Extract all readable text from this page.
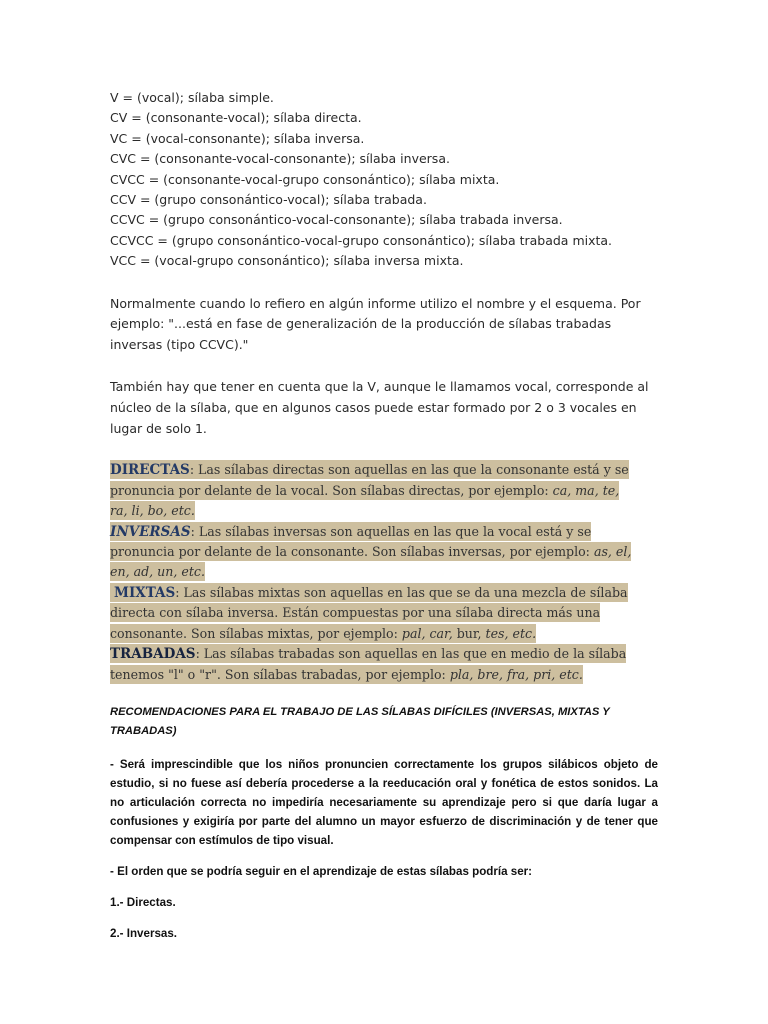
V = (vocal); sílaba simple.
CV = (consonante-vocal); sílaba directa.
VC = (vocal-consonante); sílaba inversa.
CVC = (consonante-vocal-consonante); sílaba inversa.
CVCC = (consonante-vocal-grupo consonántico); sílaba mixta.
CCV = (grupo consonántico-vocal); sílaba trabada.
CCVC = (grupo consonántico-vocal-consonante); sílaba trabada inversa.
CCVCC = (grupo consonántico-vocal-grupo consonántico); sílaba trabada mixta.
VCC = (vocal-grupo consonántico); sílaba inversa mixta.

Normalmente cuando lo refiero en algún informe utilizo el nombre y el esquema. Por ejemplo: "...está en fase de generalización de la producción de sílabas trabadas inversas (tipo CCVC)."

También hay que tener en cuenta que la V, aunque le llamamos vocal, corresponde al núcleo de la sílaba, que en algunos casos puede estar formado por 2 o 3 vocales en lugar de solo 1.

DIRECTAS: Las sílabas directas son aquellas en las que la consonante está y se pronuncia por delante de la vocal. Son sílabas directas, por ejemplo: ca, ma, te, ra, li, bo, etc.
INVERSAS: Las sílabas inversas son aquellas en las que la vocal está y se pronuncia por delante de la consonante. Son sílabas inversas, por ejemplo: as, el, en, ad, un, etc.
MIXTAS: Las sílabas mixtas son aquellas en las que se da una mezcla de sílaba directa con sílaba inversa. Están compuestas por una sílaba directa más una consonante. Son sílabas mixtas, por ejemplo: pal, car, bur, tes, etc.
TRABADAS: Las sílabas trabadas son aquellas en las que en medio de la sílaba tenemos "l" o "r". Son sílabas trabadas, por ejemplo: pla, bre, fra, pri, etc.
RECOMENDACIONES PARA EL TRABAJO DE LAS SÍLABAS DIFÍCILES (INVERSAS, MIXTAS Y TRABADAS)
- Será imprescindible que los niños pronuncien correctamente los grupos silábicos objeto de estudio, si no fuese así debería procederse a la reeducación oral y fonética de estos sonidos. La no articulación correcta no impediría necesariamente su aprendizaje pero si que daría lugar a confusiones y exigiría por parte del alumno un mayor esfuerzo de discriminación y de tener que compensar con estímulos de tipo visual.
- El orden que se podría seguir en el aprendizaje de estas sílabas podría ser:
1.- Directas.
2.- Inversas.
